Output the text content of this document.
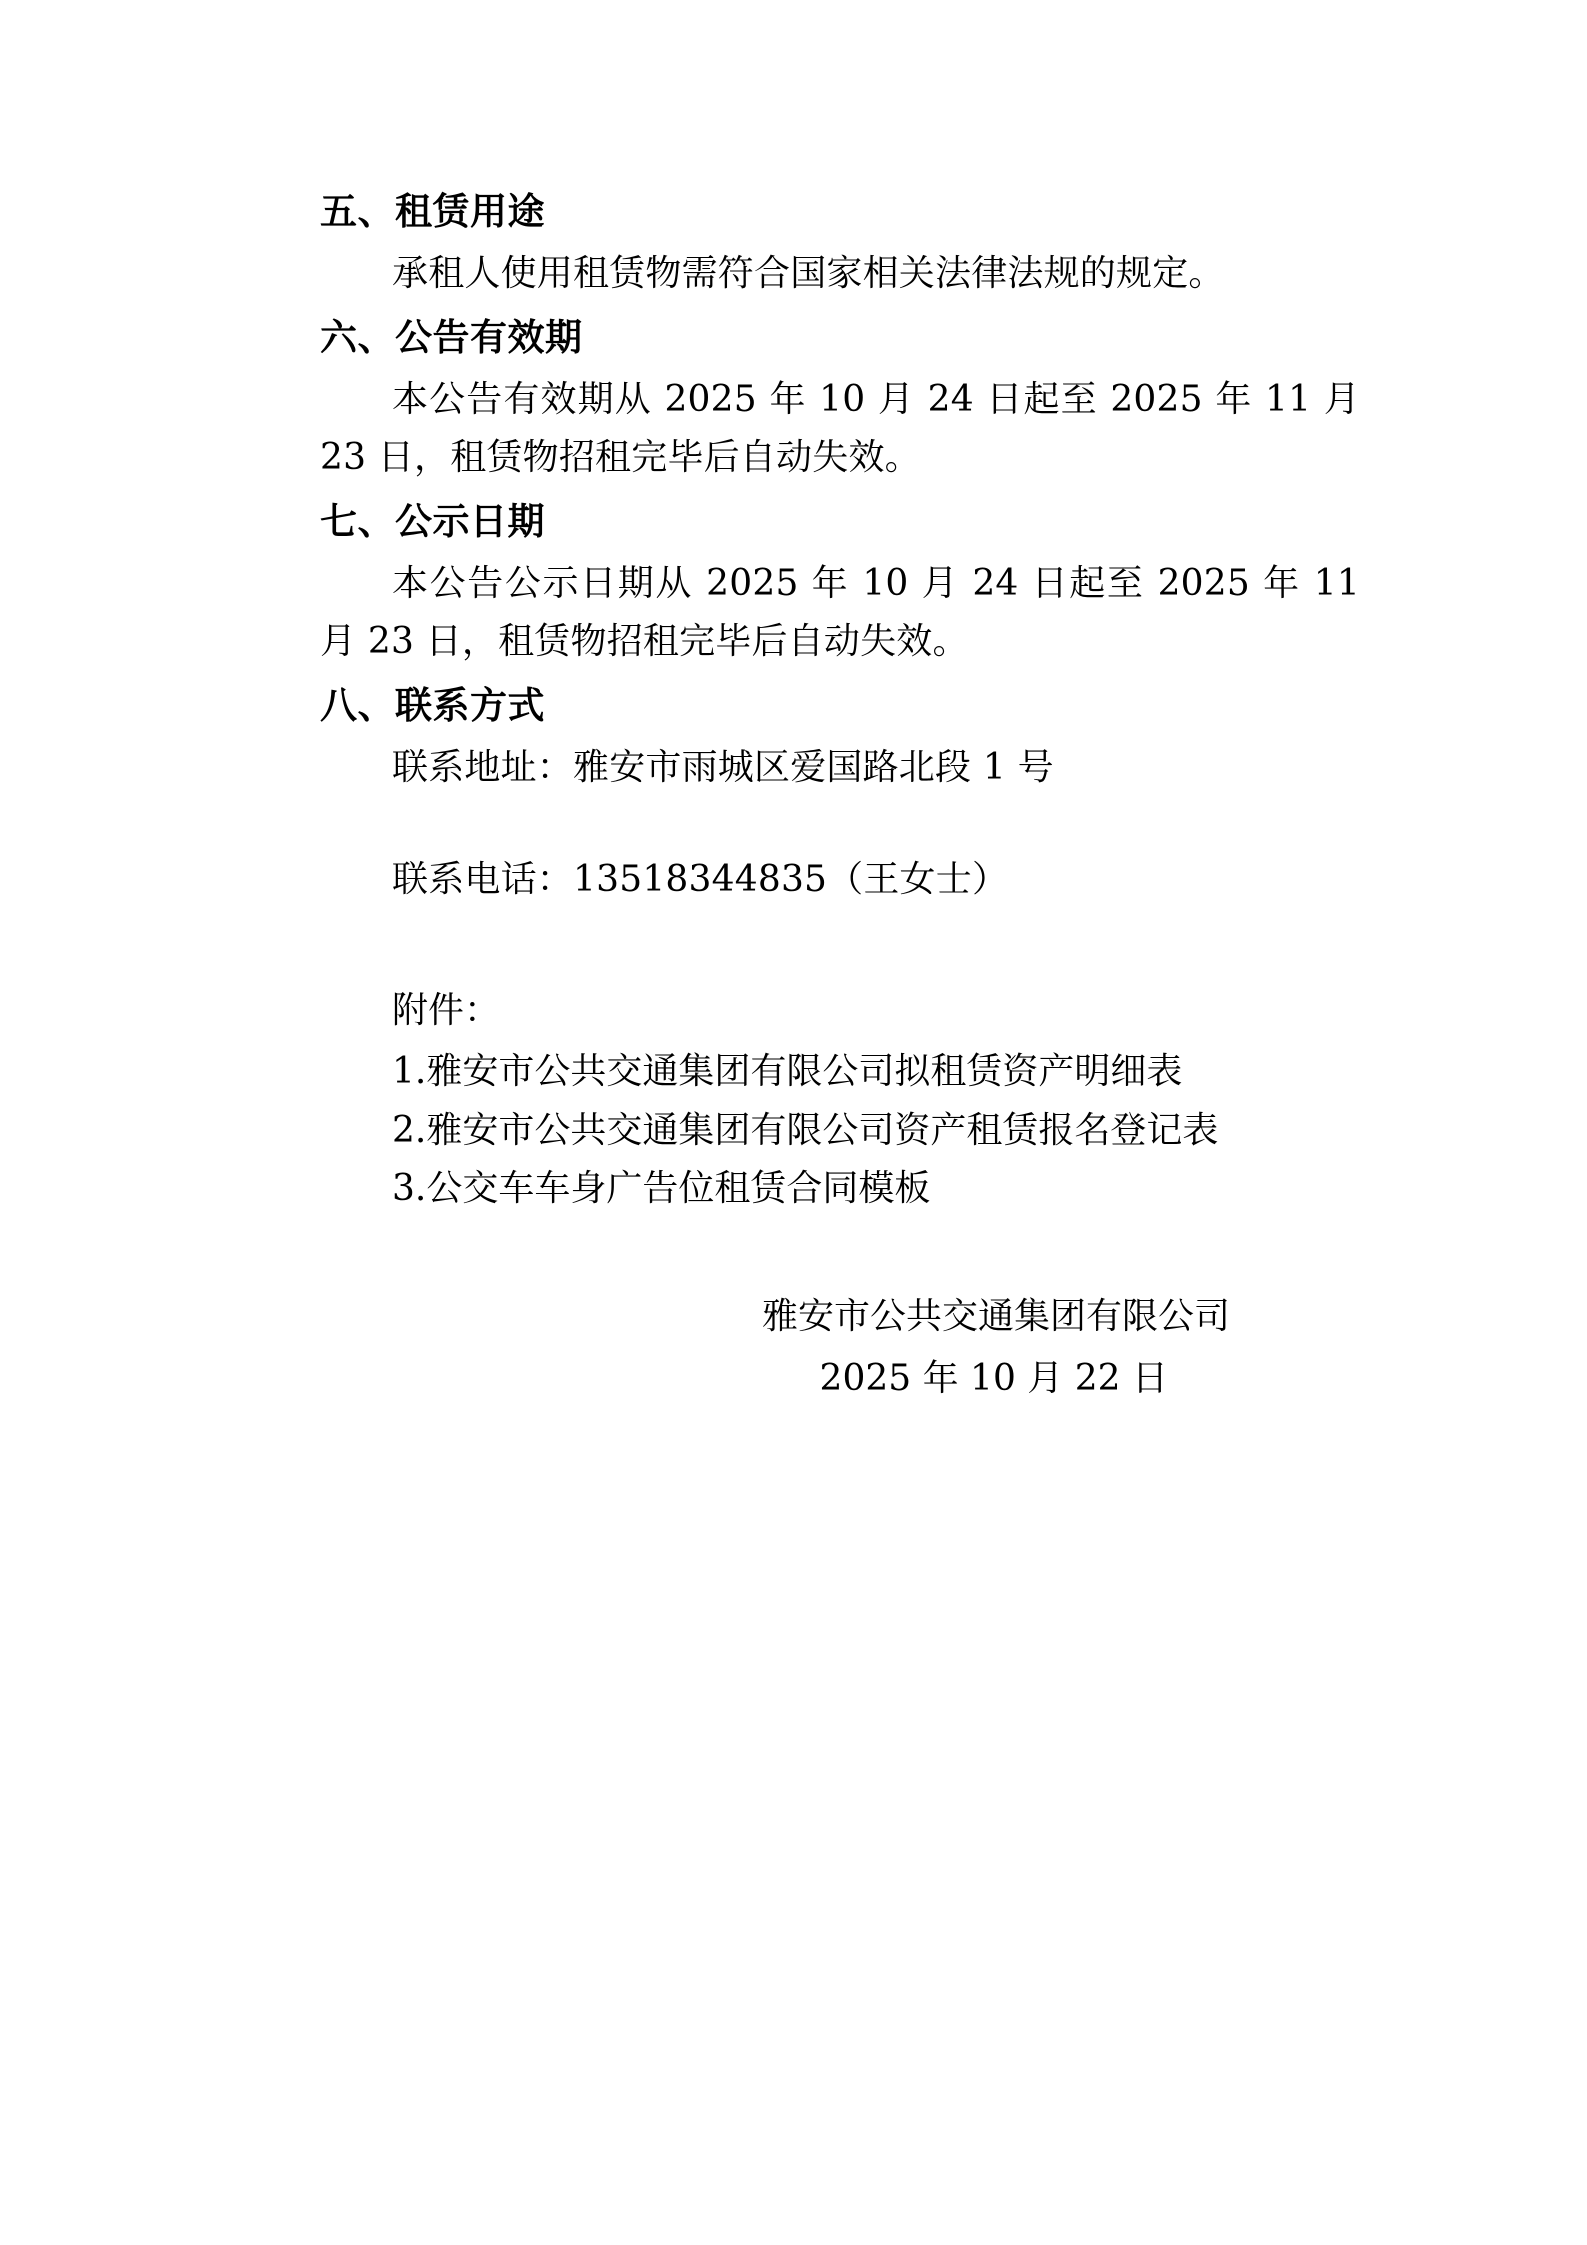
五、租赁用途

承租人使用租赁物需符合国家相关法律法规的规定。

六、公告有效期

本公告有效期从 2025 年 10 月 24 日起至 2025 年 11 月 23 日，租赁物招租完毕后自动失效。

七、公示日期

本公告公示日期从 2025 年 10 月 24 日起至 2025 年 11 月 23 日，租赁物招租完毕后自动失效。

八、联系方式

联系地址：雅安市雨城区爱国路北段 1 号

联系电话：13518344835（王女士）

附件：

1.雅安市公共交通集团有限公司拟租赁资产明细表

2.雅安市公共交通集团有限公司资产租赁报名登记表

3.公交车车身广告位租赁合同模板

雅安市公共交通集团有限公司

2025 年 10 月 22 日
